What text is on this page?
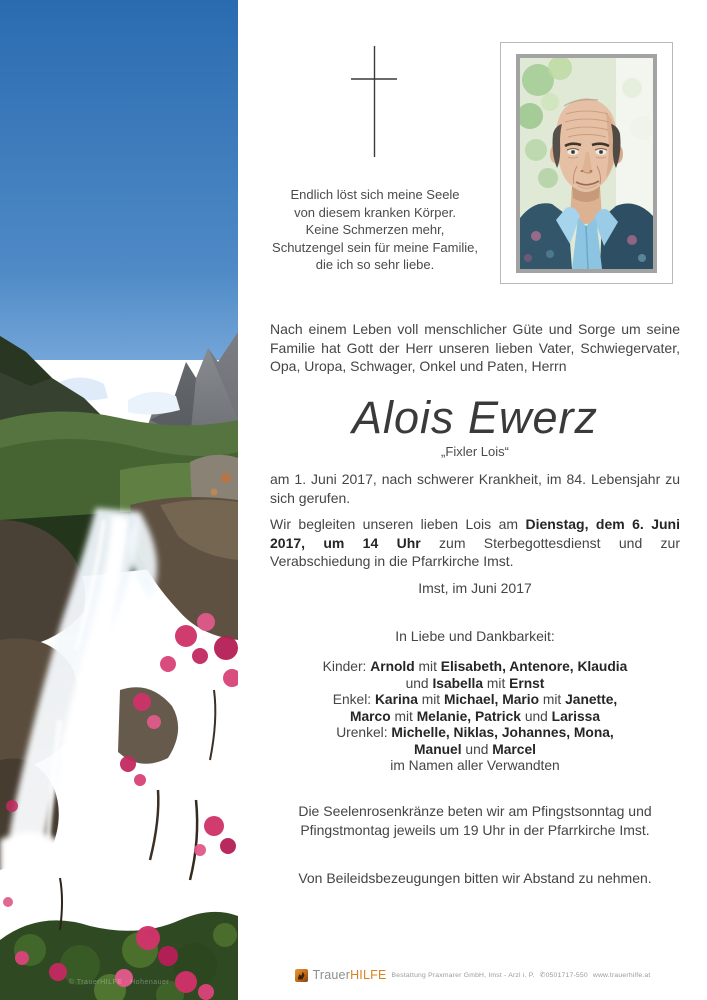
© TrauerHILFE · Hohenauer
Endlich löst sich meine Seele
von diesem kranken Körper.
Keine Schmerzen mehr,
Schutzengel sein für meine Familie,
die ich so sehr liebe.
Nach einem Leben voll menschlicher Güte und Sorge um seine Familie hat Gott der Herr unseren lieben Vater, Schwiegervater, Opa, Uropa, Schwager, Onkel und Paten, Herrn
Alois Ewerz
„Fixler Lois“
am 1. Juni 2017, nach schwerer Krankheit, im 84. Lebensjahr zu sich gerufen.
Wir begleiten unseren lieben Lois am Dienstag, dem 6. Juni 2017, um 14 Uhr zum Sterbegottesdienst und zur Verabschiedung in die Pfarrkirche Imst.
Imst, im Juni 2017
In Liebe und Dankbarkeit:
Kinder: Arnold mit Elisabeth, Antenore, Klaudia
und Isabella mit Ernst
Enkel: Karina mit Michael, Mario mit Janette,
Marco mit Melanie, Patrick und Larissa
Urenkel: Michelle, Niklas, Johannes, Mona,
Manuel und Marcel
im Namen aller Verwandten
Die Seelenrosenkränze beten wir am Pfingstsonntag und Pfingstmontag jeweils um 19 Uhr in der Pfarrkirche Imst.
Von Beileidsbezeugungen bitten wir Abstand zu nehmen.
TrauerHILFE Bestattung Praxmarer GmbH, Imst - Arzl i. P. ✆0501717-550 www.trauerhilfe.at
